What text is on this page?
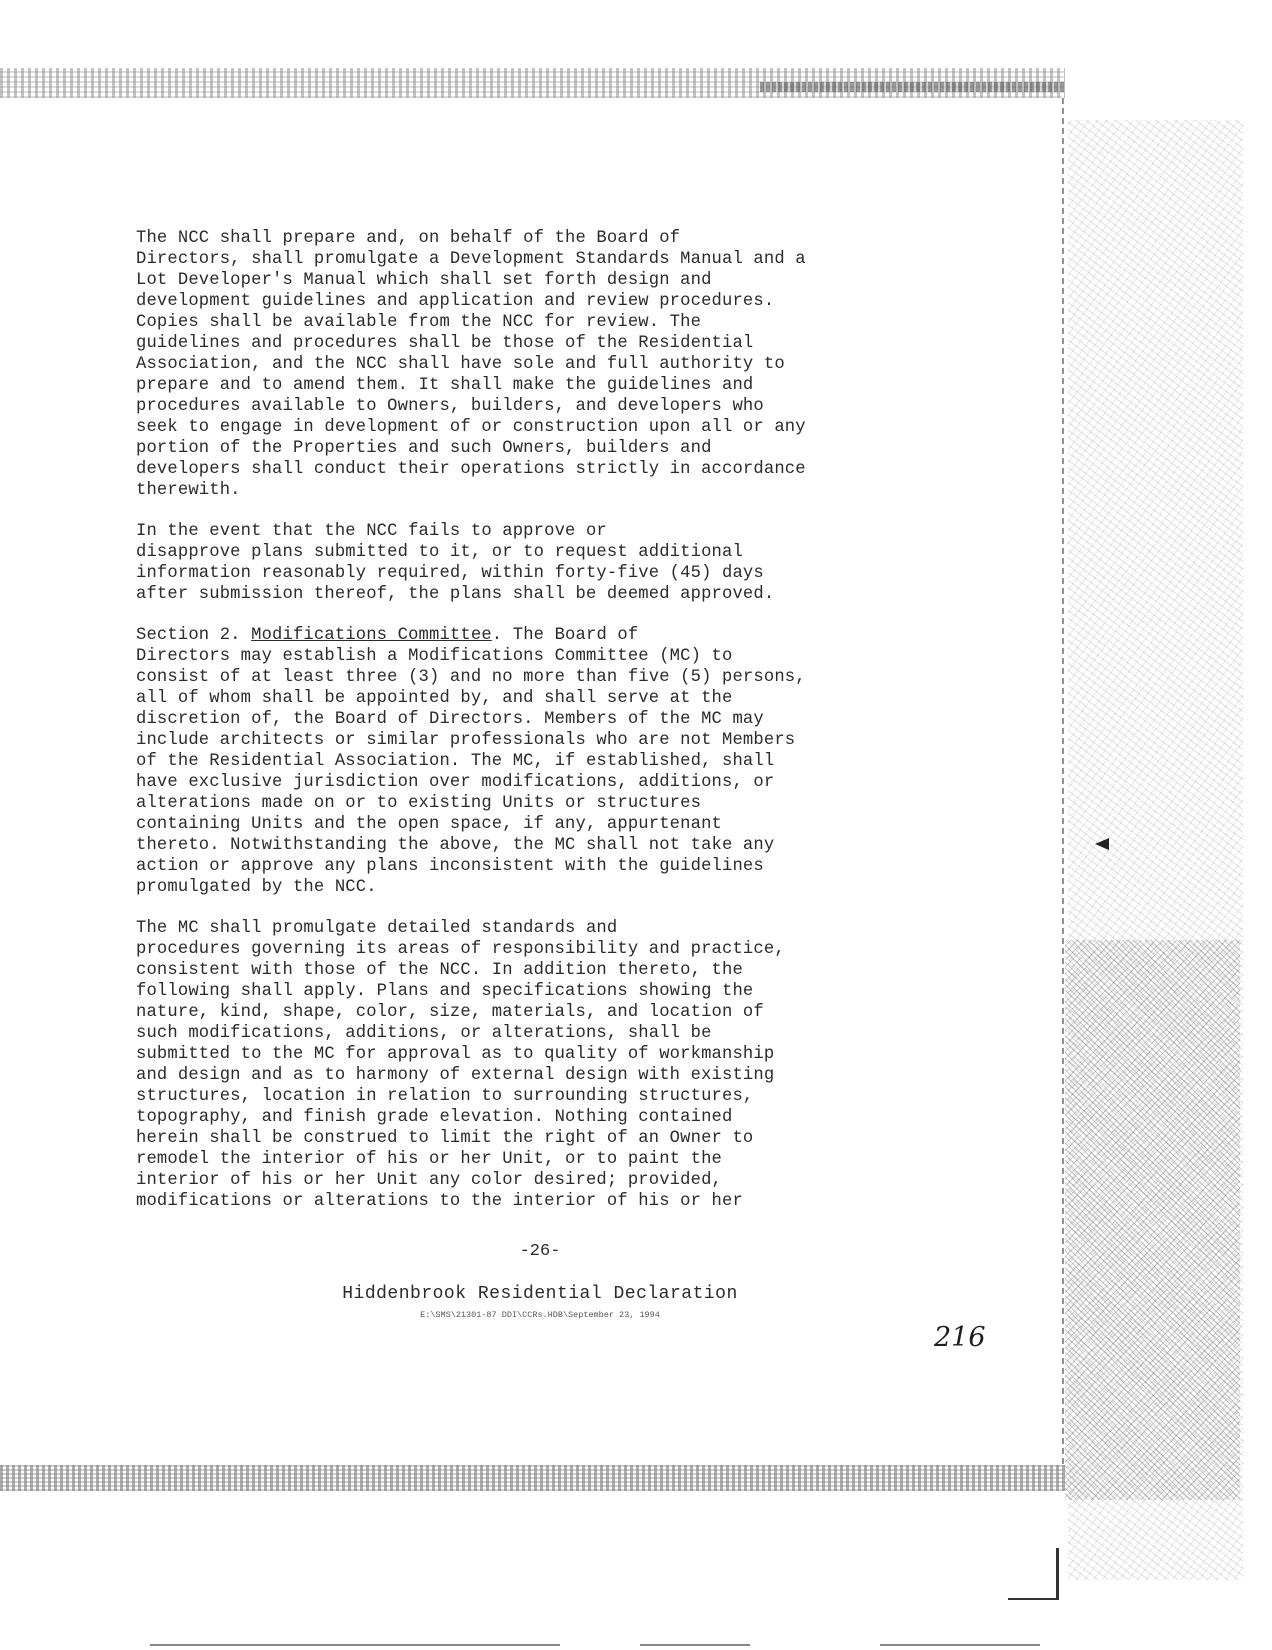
The NCC shall prepare and, on behalf of the Board of
Directors, shall promulgate a Development Standards Manual and a
Lot Developer's Manual which shall set forth design and
development guidelines and application and review procedures.
Copies shall be available from the NCC for review. The
guidelines and procedures shall be those of the Residential
Association, and the NCC shall have sole and full authority to
prepare and to amend them. It shall make the guidelines and
procedures available to Owners, builders, and developers who
seek to engage in development of or construction upon all or any
portion of the Properties and such Owners, builders and
developers shall conduct their operations strictly in accordance
therewith.

In the event that the NCC fails to approve or
disapprove plans submitted to it, or to request additional
information reasonably required, within forty-five (45) days
after submission thereof, the plans shall be deemed approved.

Section 2. Modifications Committee. The Board of
Directors may establish a Modifications Committee (MC) to
consist of at least three (3) and no more than five (5) persons,
all of whom shall be appointed by, and shall serve at the
discretion of, the Board of Directors. Members of the MC may
include architects or similar professionals who are not Members
of the Residential Association. The MC, if established, shall
have exclusive jurisdiction over modifications, additions, or
alterations made on or to existing Units or structures
containing Units and the open space, if any, appurtenant
thereto. Notwithstanding the above, the MC shall not take any
action or approve any plans inconsistent with the guidelines
promulgated by the NCC.

The MC shall promulgate detailed standards and
procedures governing its areas of responsibility and practice,
consistent with those of the NCC. In addition thereto, the
following shall apply. Plans and specifications showing the
nature, kind, shape, color, size, materials, and location of
such modifications, additions, or alterations, shall be
submitted to the MC for approval as to quality of workmanship
and design and as to harmony of external design with existing
structures, location in relation to surrounding structures,
topography, and finish grade elevation. Nothing contained
herein shall be construed to limit the right of an Owner to
remodel the interior of his or her Unit, or to paint the
interior of his or her Unit any color desired; provided,
modifications or alterations to the interior of his or her

-26-
Hiddenbrook Residential Declaration
E:\SMS\21301-87 DDI\CCRs.HDB\September 23, 1994
216
